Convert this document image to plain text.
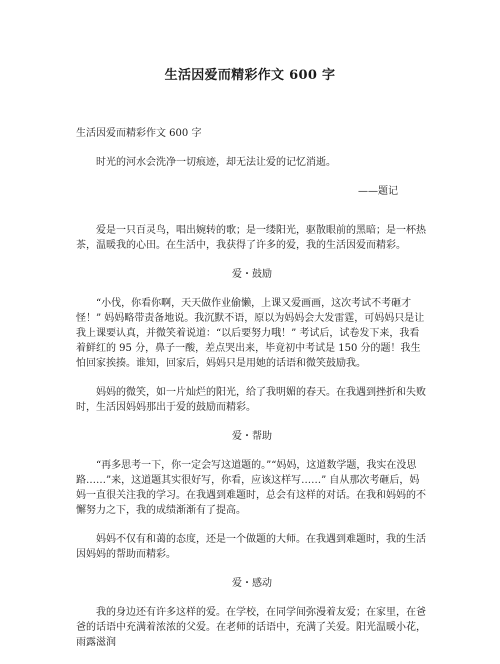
生活因爱而精彩作文 600 字

生活因爱而精彩作文 600 字

时光的河水会洗净一切痕迹，却无法让爱的记忆消逝。

——题记

爱是一只百灵鸟，唱出婉转的歌；是一缕阳光，驱散眼前的黑暗；是一杯热茶，温暖我的心田。在生活中，我获得了许多的爱，我的生活因爱而精彩。

爱・鼓励

“小伐，你看你啊，天天做作业偷懒，上课又爱画画，这次考试不考砸才怪！” 妈妈略带责备地说。我沉默不语，原以为妈妈会大发雷霆，可妈妈只是让我上课要认真，并微笑着说道：“以后要努力哦！” 考试后，试卷发下来，我看着鲜红的 95 分，鼻子一酸，差点哭出来，毕竟初中考试是 150 分的题！我生怕回家挨揍。谁知，回家后，妈妈只是用她的话语和微笑鼓励我。

妈妈的微笑，如一片灿烂的阳光，给了我明媚的春天。在我遇到挫折和失败时，生活因妈妈那出于爱的鼓励而精彩。

爱・帮助

“再多思考一下，你一定会写这道题的。”“妈妈，这道数学题，我实在没思路……”来，这道题其实很好写，你看，应该这样写……” 自从那次考砸后，妈妈一直很关注我的学习。在我遇到难题时，总会有这样的对话。在我和妈妈的不懈努力之下，我的成绩渐渐有了提高。

妈妈不仅有和蔼的态度，还是一个做题的大师。在我遇到难题时，我的生活因妈妈的帮助而精彩。

爱・感动

我的身边还有许多这样的爱。在学校，在同学间弥漫着友爱；在家里，在爸爸的话语中充满着浓浓的父爱。在老师的话语中，充满了关爱。阳光温暖小花，雨露滋润
